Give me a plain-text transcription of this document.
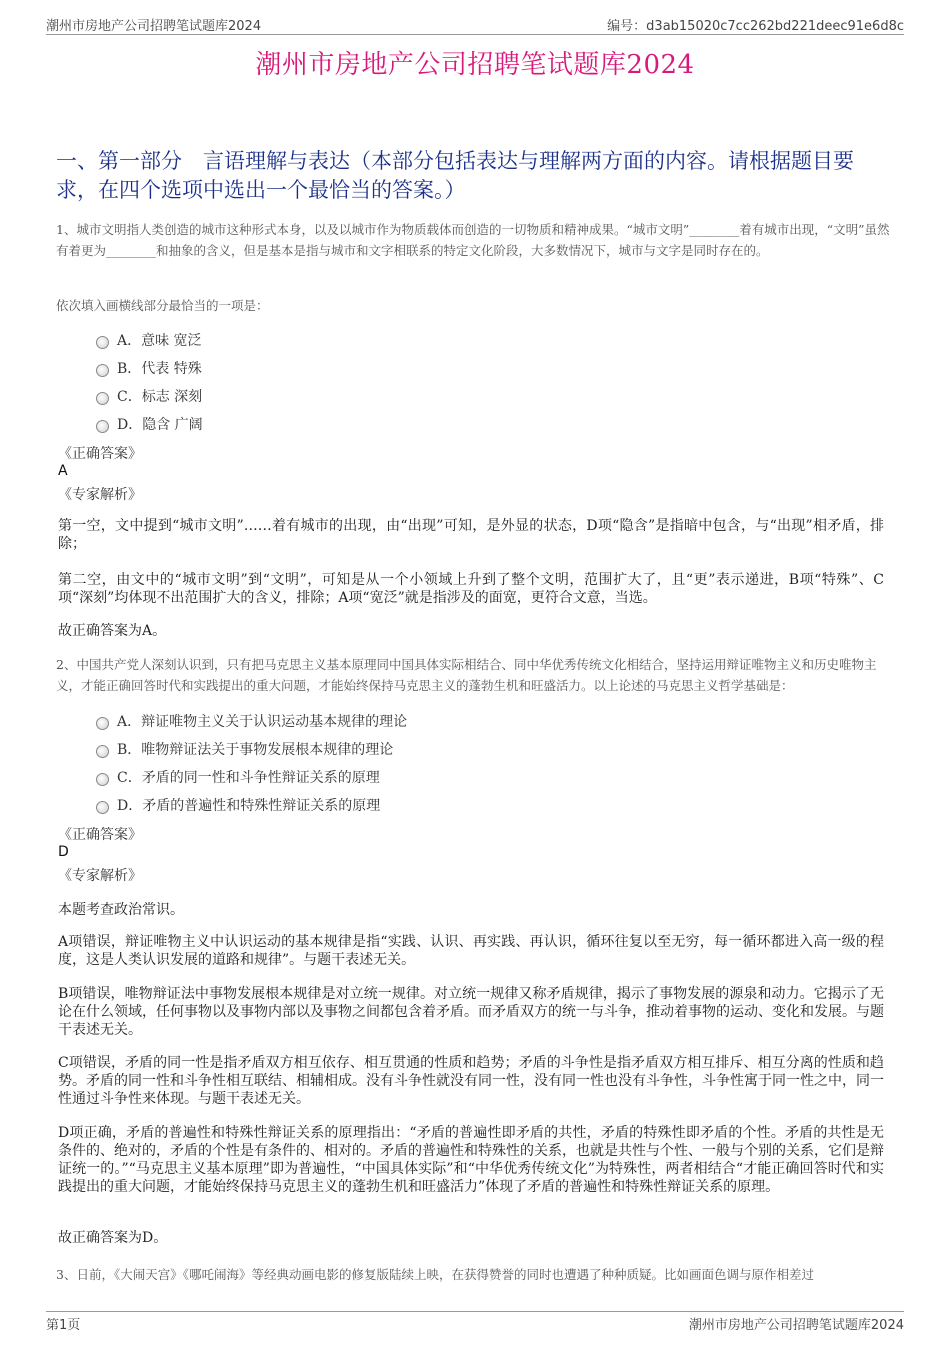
潮州市房地产公司招聘笔试题库2024	编号：d3ab15020c7cc262bd221deec91e6d8c
潮州市房地产公司招聘笔试题库2024
一、第一部分　言语理解与表达（本部分包括表达与理解两方面的内容。请根据题目要求，在四个选项中选出一个最恰当的答案。）
1、城市文明指人类创造的城市这种形式本身，以及以城市作为物质载体而创造的一切物质和精神成果。“城市文明”________着有城市出现，“文明”虽然有着更为________和抽象的含义，但是基本是指与城市和文字相联系的特定文化阶段，大多数情况下，城市与文字是同时存在的。
依次填入画横线部分最恰当的一项是：
A．意味 宽泛
B．代表 特殊
C．标志 深刻
D．隐含 广阔
《正确答案》
A
《专家解析》
第一空，文中提到“城市文明”……着有城市的出现，由“出现”可知，是外显的状态，D项“隐含”是指暗中包含，与“出现”相矛盾，排除；
第二空，由文中的“城市文明”到“文明”，可知是从一个小领域上升到了整个文明，范围扩大了，且“更”表示递进，B项“特殊”、C项“深刻”均体现不出范围扩大的含义，排除；A项“宽泛”就是指涉及的面宽，更符合文意，当选。
故正确答案为A。
2、中国共产党人深刻认识到，只有把马克思主义基本原理同中国具体实际相结合、同中华优秀传统文化相结合，坚持运用辩证唯物主义和历史唯物主义，才能正确回答时代和实践提出的重大问题，才能始终保持马克思主义的蓬勃生机和旺盛活力。以上论述的马克思主义哲学基础是：
A．辩证唯物主义关于认识运动基本规律的理论
B．唯物辩证法关于事物发展根本规律的理论
C．矛盾的同一性和斗争性辩证关系的原理
D．矛盾的普遍性和特殊性辩证关系的原理
《正确答案》
D
《专家解析》
本题考查政治常识。
A项错误，辩证唯物主义中认识运动的基本规律是指“实践、认识、再实践、再认识，循环往复以至无穷，每一循环都进入高一级的程度，这是人类认识发展的道路和规律”。与题干表述无关。
B项错误，唯物辩证法中事物发展根本规律是对立统一规律。对立统一规律又称矛盾规律，揭示了事物发展的源泉和动力。它揭示了无论在什么领域，任何事物以及事物内部以及事物之间都包含着矛盾。而矛盾双方的统一与斗争，推动着事物的运动、变化和发展。与题干表述无关。
C项错误，矛盾的同一性是指矛盾双方相互依存、相互贯通的性质和趋势；矛盾的斗争性是指矛盾双方相互排斥、相互分离的性质和趋势。矛盾的同一性和斗争性相互联结、相辅相成。没有斗争性就没有同一性，没有同一性也没有斗争性，斗争性寓于同一性之中，同一性通过斗争性来体现。与题干表述无关。
D项正确，矛盾的普遍性和特殊性辩证关系的原理指出：“矛盾的普遍性即矛盾的共性，矛盾的特殊性即矛盾的个性。矛盾的共性是无条件的、绝对的，矛盾的个性是有条件的、相对的。矛盾的普遍性和特殊性的关系，也就是共性与个性、一般与个别的关系，它们是辩证统一的。”“马克思主义基本原理”即为普遍性，“中国具体实际”和“中华优秀传统文化”为特殊性，两者相结合“才能正确回答时代和实践提出的重大问题，才能始终保持马克思主义的蓬勃生机和旺盛活力”体现了矛盾的普遍性和特殊性辩证关系的原理。
故正确答案为D。
3、日前，《大闹天宫》《哪吒闹海》等经典动画电影的修复版陆续上映，在获得赞誉的同时也遭遇了种种质疑。比如画面色调与原作相差过
第1页	潮州市房地产公司招聘笔试题库2024
